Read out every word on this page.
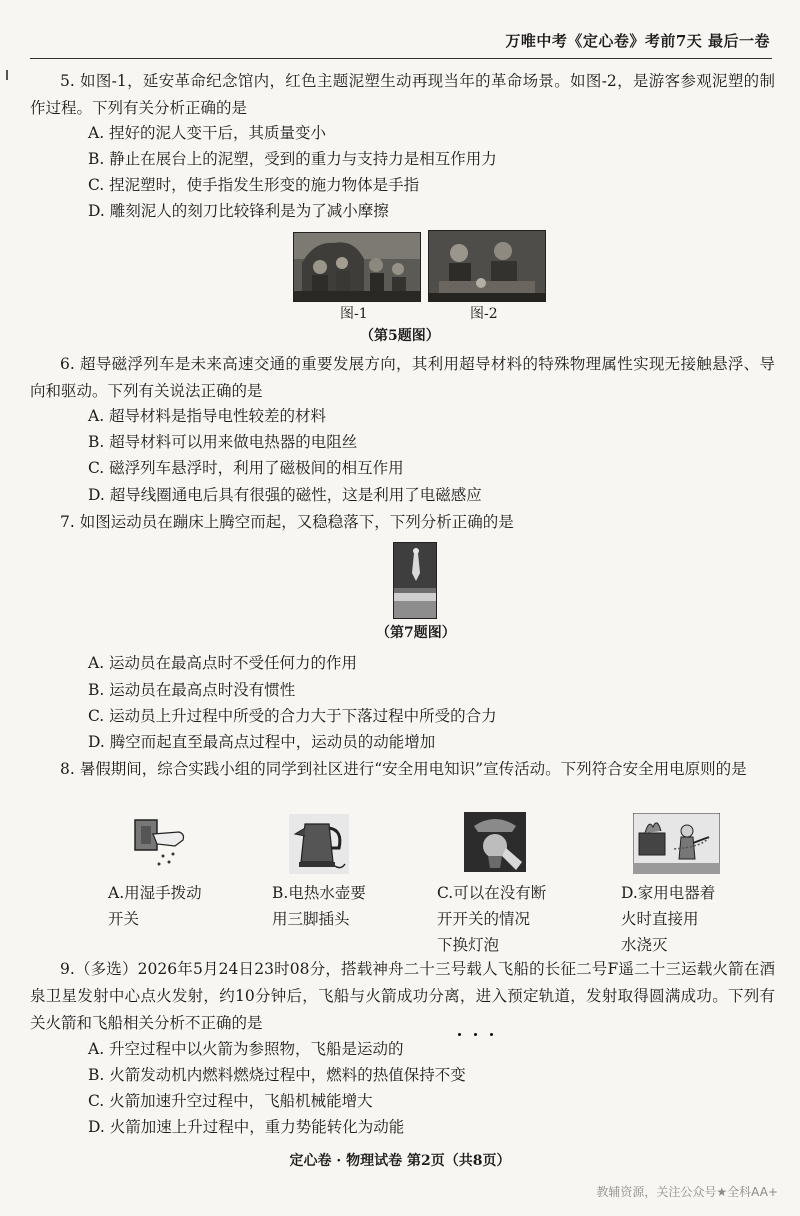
万唯中考《定心卷》考前7天 最后一卷
5. 如图-1，延安革命纪念馆内，红色主题泥塑生动再现当年的革命场景。如图-2，是游客参观泥塑的制作过程。下列有关分析正确的是
A. 捏好的泥人变干后，其质量变小
B. 静止在展台上的泥塑，受到的重力与支持力是相互作用力
C. 捏泥塑时，使手指发生形变的施力物体是手指
D. 雕刻泥人的刻刀比较锋利是为了减小摩擦
图-1	图-2
（第5题图）
6. 超导磁浮列车是未来高速交通的重要发展方向，其利用超导材料的特殊物理属性实现无接触悬浮、导向和驱动。下列有关说法正确的是
A. 超导材料是指导电性较差的材料
B. 超导材料可以用来做电热器的电阻丝
C. 磁浮列车悬浮时，利用了磁极间的相互作用
D. 超导线圈通电后具有很强的磁性，这是利用了电磁感应
7. 如图运动员在蹦床上腾空而起，又稳稳落下，下列分析正确的是
（第7题图）
A. 运动员在最高点时不受任何力的作用
B. 运动员在最高点时没有惯性
C. 运动员上升过程中所受的合力大于下落过程中所受的合力
D. 腾空而起直至最高点过程中，运动员的动能增加
8. 暑假期间，综合实践小组的同学到社区进行“安全用电知识”宣传活动。下列符合安全用电原则的是
A.用湿手拨动
开关
B.电热水壶要
用三脚插头
C.可以在没有断
开开关的情况
下换灯泡
D.家用电器着
火时直接用
水浇灭
9.（多选）2026年5月24日23时08分，搭载神舟二十三号载人飞船的长征二号F遥二十三运载火箭在酒泉卫星发射中心点火发射，约10分钟后，飞船与火箭成功分离，进入预定轨道，发射取得圆满成功。下列有关火箭和飞船相关分析不正确的是
A. 升空过程中以火箭为参照物，飞船是运动的
B. 火箭发动机内燃料燃烧过程中，燃料的热值保持不变
C. 火箭加速升空过程中，飞船机械能增大
D. 火箭加速上升过程中，重力势能转化为动能
定心卷 · 物理试卷 第2页（共8页）
教辅资源，关注公众号★全科AA+
